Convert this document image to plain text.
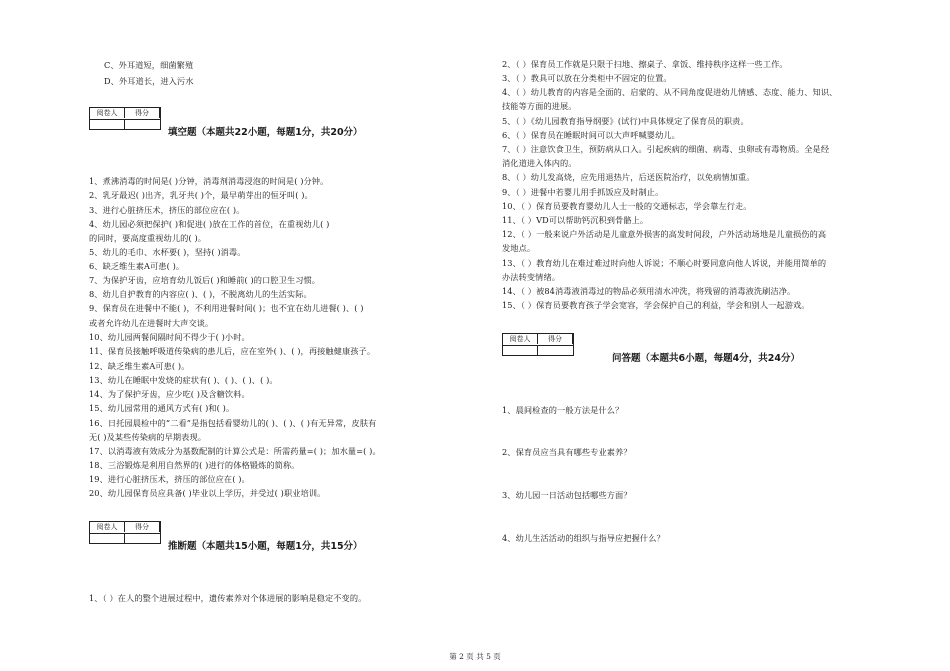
C、外耳道短，细菌繁殖
D、外耳道长，进入污水
阅卷人	得分
填空题（本题共22小题，每题1分，共20分）
1、煮沸消毒的时间是( )分钟，消毒剂消毒浸泡的时间是( )分钟。
2、乳牙最迟( )出齐，乳牙共( )个，最早萌芽出的恒牙叫( )。
3、进行心脏挤压术，挤压的部位应在( )。
4、幼儿园必须把保护( )和促进( )放在工作的首位，在重视幼儿( )
的同时，要高度重视幼儿的( )。
5、幼儿的毛巾、水杯要( )，坚持( )消毒。
6、缺乏维生素A可患( )。
7、为保护牙齿，应培育幼儿饭后( )和睡前( )的口腔卫生习惯。
8、幼儿自护教育的内容应( )、( )，不脱离幼儿的生活实际。
9、保育员在进餐中不能( )，不利用进餐时间( )；也不宜在幼儿进餐( )、( )
或者允许幼儿在进餐时大声交谈。
10、幼儿园两餐间隔时间不得少于( )小时。
11、保育员接触呼吸道传染病的患儿后，应在室外( )、( )，再接触健康孩子。
12、缺乏维生素A可患( )。
13、幼儿在睡眠中发烧的症状有( )、( )、( )、( )。
14、为了保护牙齿，应少吃( )及含糖饮料。
15、幼儿园常用的通风方式有( )和( )。
16、日托园晨检中的“二看”是指包括看婴幼儿的( )、( )、( )有无异常，皮肤有
无( )及某些传染病的早期表现。
17、以消毒液有效成分为基数配制的计算公式是：所需药量=( )；加水量=( )。
18、三浴锻炼是利用自然界的( )进行的体格锻炼的简称。
19、进行心脏挤压术，挤压的部位应在( )。
20、幼儿园保育员应具备( )毕业以上学历，并受过( )职业培训。
阅卷人	得分
推断题（本题共15小题，每题1分，共15分）
1、（ ）在人的整个进展过程中，遗传素养对个体进展的影响是稳定不变的。
2、（ ）保育员工作就是只限于扫地、擦桌子、拿饭、维持秩序这样一些工作。
3、（ ）教具可以放在分类柜中不固定的位置。
4、（ ）幼儿教育的内容是全面的、启蒙的、从不同角度促进幼儿情感、态度、能力、知识、
技能等方面的进展。
5、（ ）《幼儿园教育指导纲要》(试行)中具体规定了保育员的职责。
6、（ ）保育员在睡眠时间可以大声呼喊婴幼儿。
7、（ ）注意饮食卫生，预防病从口入。引起疾病的细菌、病毒、虫卵或有毒物质。全是经
消化道进入体内的。
8、（ ）幼儿发高烧，应先用退热片，后送医院治疗，以免病情加重。
9、（ ）进餐中若婴儿用手抓饭应及时制止。
10、（ ）保育员要教育婴幼儿人士一般的交通标志，学会靠左行走。
11、（ ）VD可以帮助钙沉积到骨骼上。
12、（ ）一般来说户外活动是儿童意外损害的高发时间段，户外活动场地是儿童损伤的高
发地点。
13、（ ）教育幼儿在难过难过时向他人诉说；不顺心时要同意向他人诉说，并能用简单的
办法转变情绪。
14、（ ）被84消毒液消毒过的物品必须用清水冲洗，将残留的消毒液洗刷洁净。
15、（ ）保育员要教育孩子学会宽容，学会保护自己的利益，学会和别人一起游戏。
阅卷人	得分
问答题（本题共6小题，每题4分，共24分）
1、晨间检查的一般方法是什么？
2、保育员应当具有哪些专业素养？
3、幼儿园一日活动包括哪些方面？
4、幼儿生活活动的组织与指导应把握什么？
第 2 页 共 5 页
